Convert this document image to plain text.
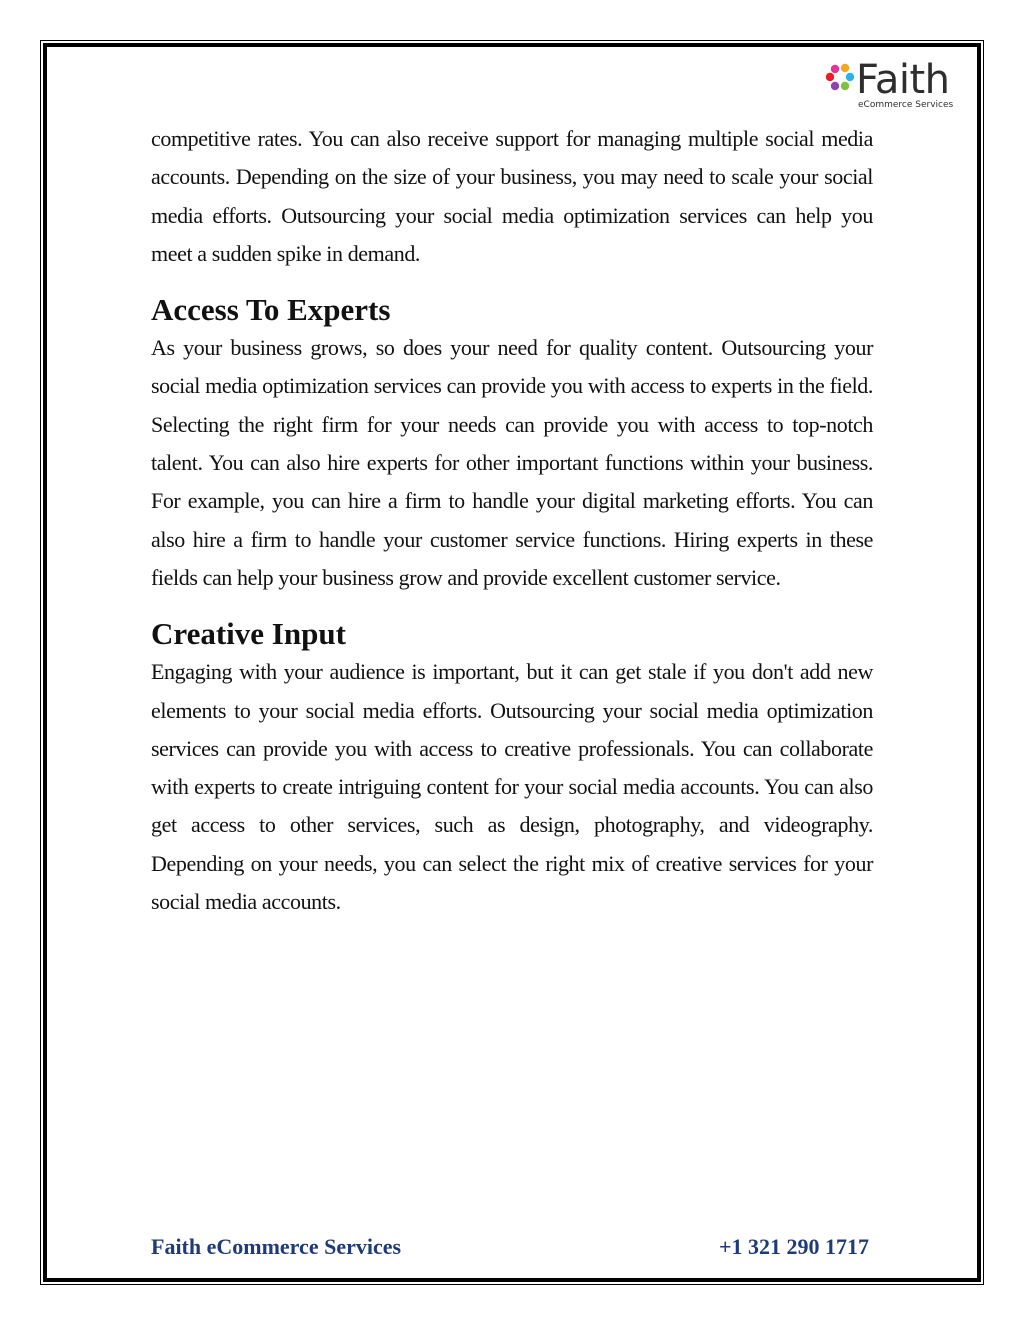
Faith
eCommerce Services

competitive rates. You can also receive support for managing multiple social media accounts. Depending on the size of your business, you may need to scale your social media efforts. Outsourcing your social media optimization services can help you meet a sudden spike in demand.

Access To Experts

As your business grows, so does your need for quality content. Outsourcing your social media optimization services can provide you with access to experts in the field. Selecting the right firm for your needs can provide you with access to top-notch talent. You can also hire experts for other important functions within your business. For example, you can hire a firm to handle your digital marketing efforts. You can also hire a firm to handle your customer service functions. Hiring experts in these fields can help your business grow and provide excellent customer service.

Creative Input

Engaging with your audience is important, but it can get stale if you don't add new elements to your social media efforts. Outsourcing your social media optimization services can provide you with access to creative professionals. You can collaborate with experts to create intriguing content for your social media accounts. You can also get access to other services, such as design, photography, and videography. Depending on your needs, you can select the right mix of creative services for your social media accounts.

Faith eCommerce Services	+1 321 290 1717
